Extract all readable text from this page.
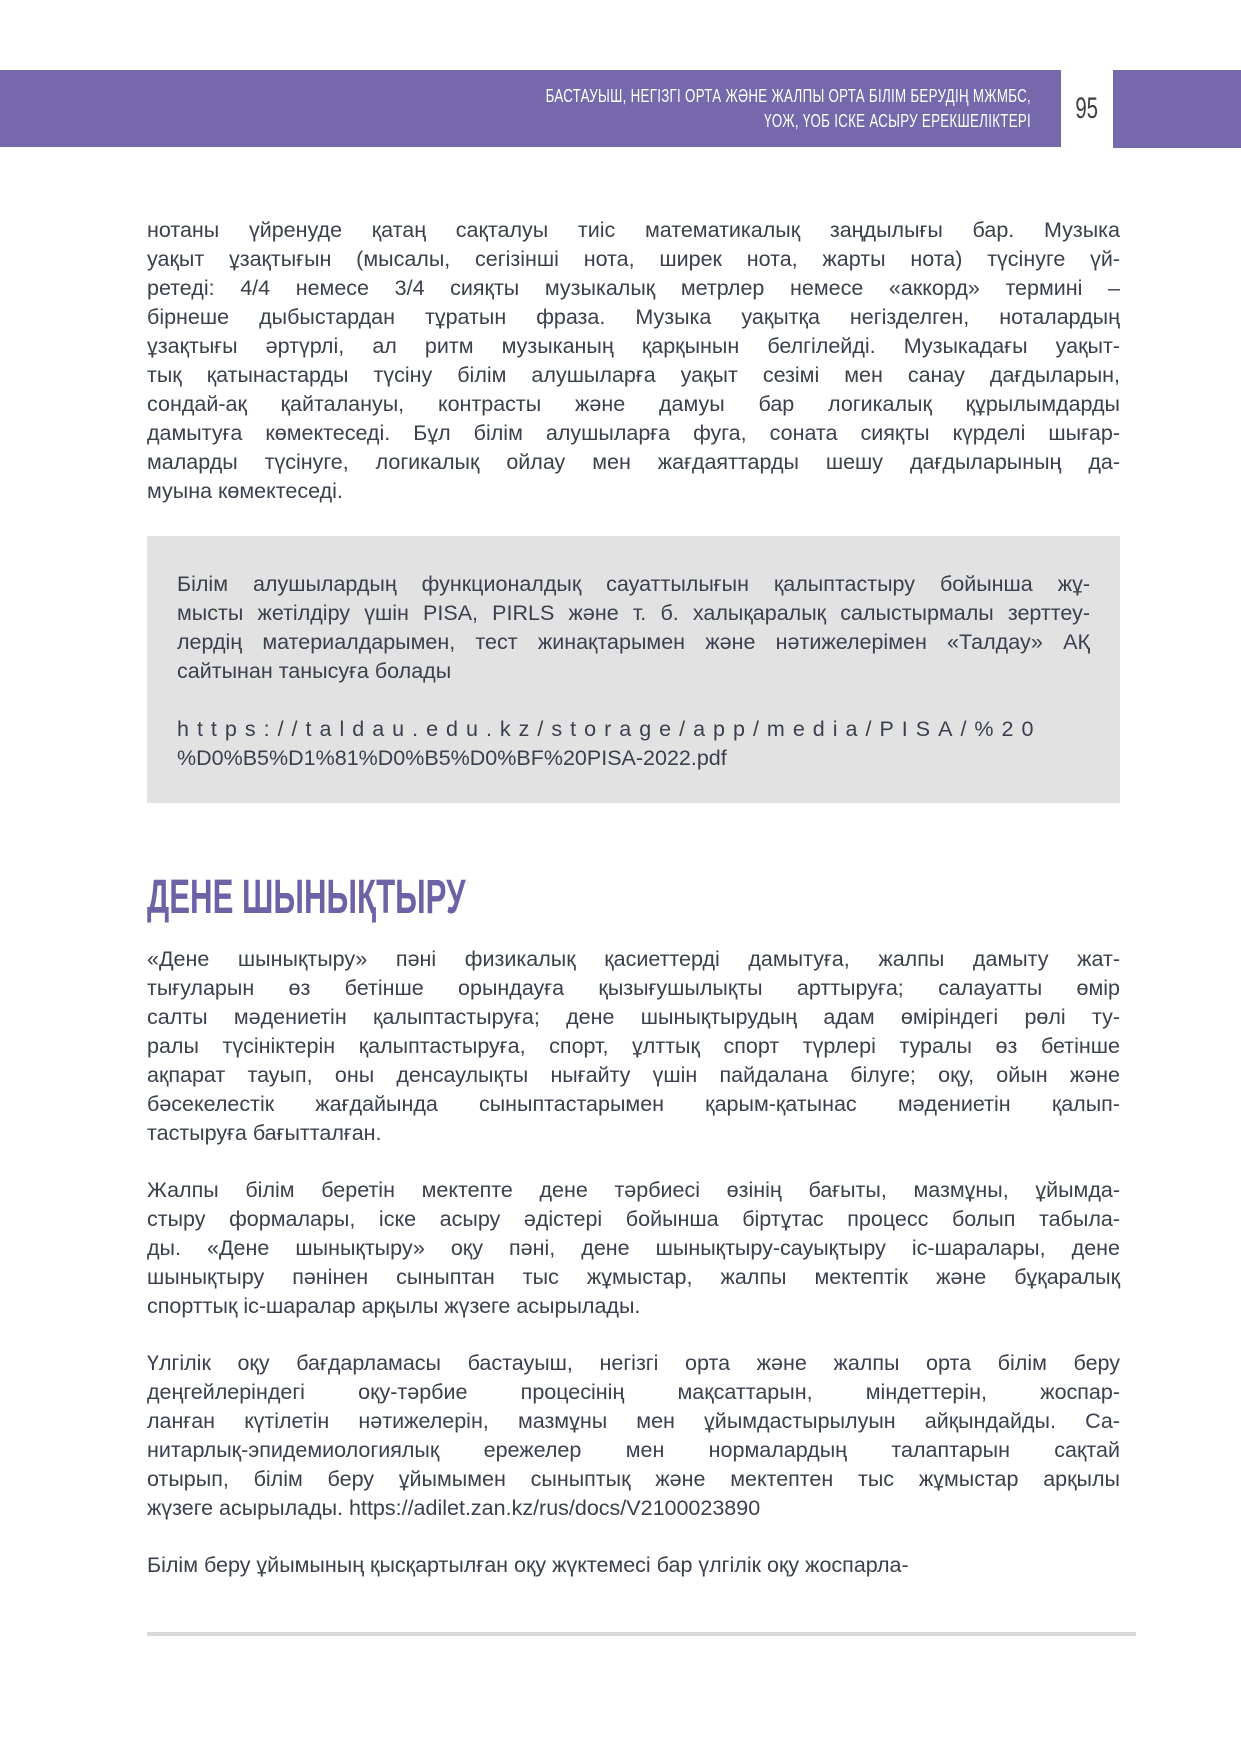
БАСТАУЫШ, НЕГІЗГІ ОРТА ЖӘНЕ ЖАЛПЫ ОРТА БІЛІМ БЕРУДІҢ МЖМБС,
ҮОЖ, ҮОБ ІСКЕ АСЫРУ ЕРЕКШЕЛІКТЕРІ 95
нотаны үйренуде қатаң сақталуы тиіс математикалық заңдылығы бар. Музыка
уақыт ұзақтығын (мысалы, сегізінші нота, ширек нота, жарты нота) түсінуге үй-
ретеді: 4/4 немесе 3/4 сияқты музыкалық метрлер немесе «аккорд» термині –
бірнеше дыбыстардан тұратын фраза. Музыка уақытқа негізделген, ноталардың
ұзақтығы әртүрлі, ал ритм музыканың қарқынын белгілейді. Музыкадағы уақыт-
тық қатынастарды түсіну білім алушыларға уақыт сезімі мен санау дағдыларын,
сондай-ақ қайталануы, контрасты және дамуы бар логикалық құрылымдарды
дамытуға көмектеседі. Бұл білім алушыларға фуга, соната сияқты күрделі шығар-
маларды түсінуге, логикалық ойлау мен жағдаяттарды шешу дағдыларының да-
муына көмектеседі.
Білім алушылардың функционалдық сауаттылығын қалыптастыру бойынша жұ-
мысты жетілдіру үшін PISA, PIRLS және т. б. халықаралық салыстырмалы зерттеу-
лердің материалдарымен, тест жинақтарымен және нәтижелерімен «Талдау» АҚ
сайтынан танысуға болады
https://taldau.edu.kz/storage/app/media/PISA/%20
%D0%B5%D1%81%D0%B5%D0%BF%20PISA-2022.pdf
ДЕНЕ ШЫНЫҚТЫРУ
«Дене шынықтыру» пәні физикалық қасиеттерді дамытуға, жалпы дамыту жат-
тығуларын өз бетінше орындауға қызығушылықты арттыруға; салауатты өмір
салты мәдениетін қалыптастыруға; дене шынықтырудың адам өміріндегі рөлі ту-
ралы түсініктерін қалыптастыруға, спорт, ұлттық спорт түрлері туралы өз бетінше
ақпарат тауып, оны денсаулықты нығайту үшін пайдалана білуге; оқу, ойын және
бәсекелестік жағдайында сыныптастарымен қарым-қатынас мәдениетін қалып-
тастыруға бағытталған.
Жалпы білім беретін мектепте дене тәрбиесі өзінің бағыты, мазмұны, ұйымда-
стыру формалары, іске асыру әдістері бойынша біртұтас процесс болып табыла-
ды. «Дене шынықтыру» оқу пәні, дене шынықтыру-сауықтыру іс-шаралары, дене
шынықтыру пәнінен сыныптан тыс жұмыстар, жалпы мектептік және бұқаралық
спорттық іс-шаралар арқылы жүзеге асырылады.
Үлгілік оқу бағдарламасы бастауыш, негізгі орта және жалпы орта білім беру
деңгейлеріндегі оқу-тәрбие процесінің мақсаттарын, міндеттерін, жоспар-
ланған күтілетін нәтижелерін, мазмұны мен ұйымдастырылуын айқындайды. Са-
нитарлық-эпидемиологиялық ережелер мен нормалардың талаптарын сақтай
отырып, білім беру ұйымымен сыныптық және мектептен тыс жұмыстар арқылы
жүзеге асырылады. https://adilet.zan.kz/rus/docs/V2100023890
Білім беру ұйымының қысқартылған оқу жүктемесі бар үлгілік оқу жоспарла-
